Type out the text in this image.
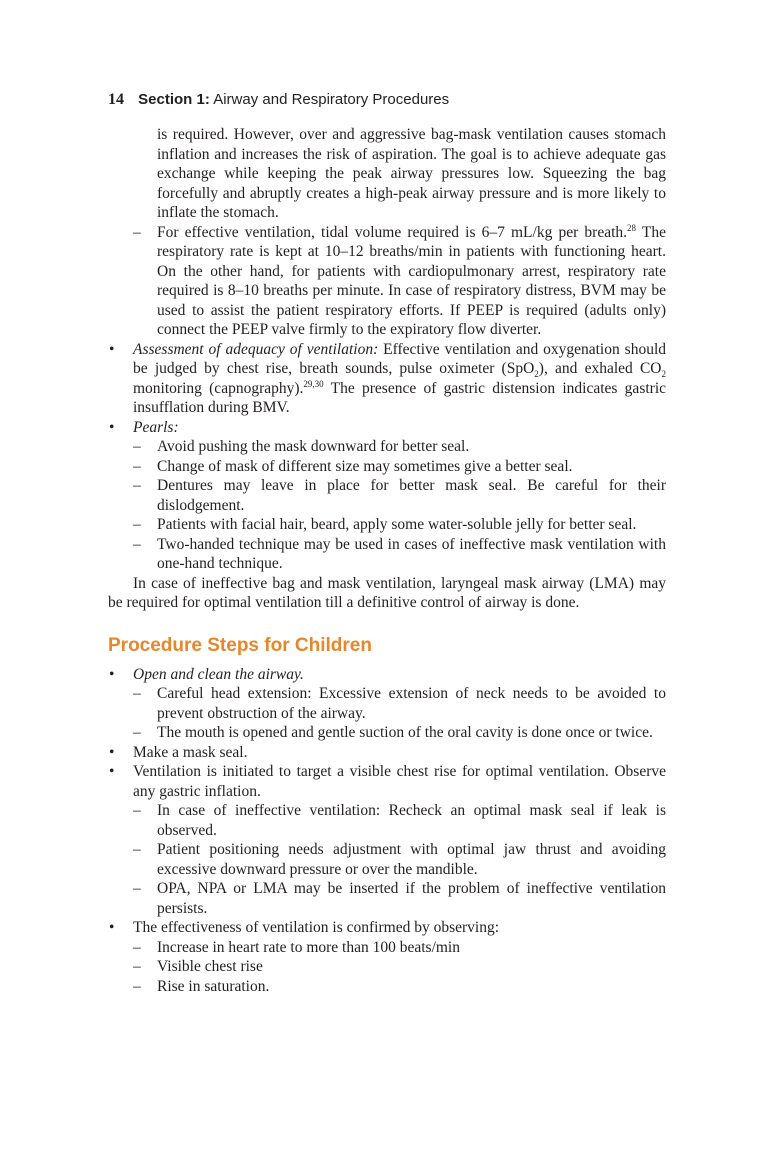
14 Section 1: Airway and Respiratory Procedures

is required. However, over and aggressive bag-mask ventilation causes stomach inflation and increases the risk of aspiration. The goal is to achieve adequate gas exchange while keeping the peak airway pressures low. Squeezing the bag forcefully and abruptly creates a high-peak airway pressure and is more likely to inflate the stomach.

– For effective ventilation, tidal volume required is 6–7 mL/kg per breath.$^{28}$ The respiratory rate is kept at 10–12 breaths/min in patients with functioning heart. On the other hand, for patients with cardiopulmonary arrest, respiratory rate required is 8–10 breaths per minute. In case of respiratory distress, BVM may be used to assist the patient respiratory efforts. If PEEP is required (adults only) connect the PEEP valve firmly to the expiratory flow diverter.

• Assessment of adequacy of ventilation: Effective ventilation and oxygenation should be judged by chest rise, breath sounds, pulse oximeter (SpO$_2$), and exhaled $CO_2$ monitoring (capnography).$^{29,30}$ The presence of gastric distension indicates gastric insufflation during BMV.

• Pearls:

– Avoid pushing the mask downward for better seal.

– Change of mask of different size may sometimes give a better seal.

– Dentures may leave in place for better mask seal. Be careful for their dislodgement.

– Patients with facial hair, beard, apply some water-soluble jelly for better seal.

– Two-handed technique may be used in cases of ineffective mask ventilation with one-hand technique.

In case of ineffective bag and mask ventilation, laryngeal mask airway (LMA) may be required for optimal ventilation till a definitive control of airway is done.

Procedure Steps for Children

• Open and clean the airway.

– Careful head extension: Excessive extension of neck needs to be avoided to prevent obstruction of the airway.

– The mouth is opened and gentle suction of the oral cavity is done once or twice.

• Make a mask seal.

• Ventilation is initiated to target a visible chest rise for optimal ventilation. Observe any gastric inflation.

– In case of ineffective ventilation: Recheck an optimal mask seal if leak is observed.

– Patient positioning needs adjustment with optimal jaw thrust and avoiding excessive downward pressure or over the mandible.

– OPA, NPA or LMA may be inserted if the problem of ineffective ventilation persists.

• The effectiveness of ventilation is confirmed by observing:

– Increase in heart rate to more than 100 beats/min

– Visible chest rise

– Rise in saturation.
